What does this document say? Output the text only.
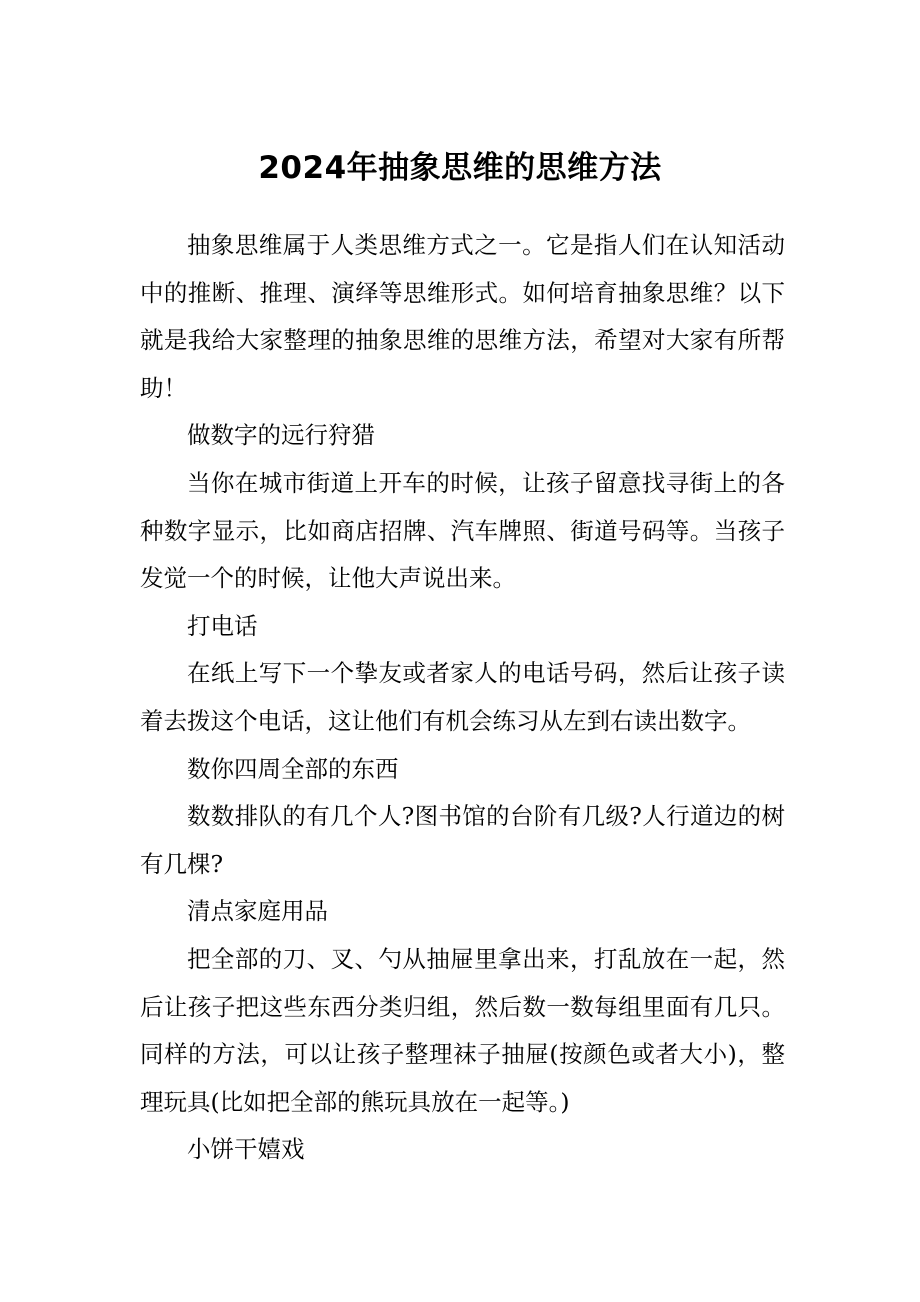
2024年抽象思维的思维方法

抽象思维属于人类思维方式之一。它是指人们在认知活动中的推断、推理、演绎等思维形式。如何培育抽象思维？以下就是我给大家整理的抽象思维的思维方法，希望对大家有所帮助！

做数字的远行狩猎

当你在城市街道上开车的时候，让孩子留意找寻街上的各种数字显示，比如商店招牌、汽车牌照、街道号码等。当孩子发觉一个的时候，让他大声说出来。

打电话

在纸上写下一个挚友或者家人的电话号码，然后让孩子读着去拨这个电话，这让他们有机会练习从左到右读出数字。

数你四周全部的东西

数数排队的有几个人?图书馆的台阶有几级?人行道边的树有几棵?

清点家庭用品

把全部的刀、叉、勺从抽屉里拿出来，打乱放在一起，然后让孩子把这些东西分类归组，然后数一数每组里面有几只。同样的方法，可以让孩子整理袜子抽屉(按颜色或者大小)，整理玩具(比如把全部的熊玩具放在一起等。)

小饼干嬉戏
